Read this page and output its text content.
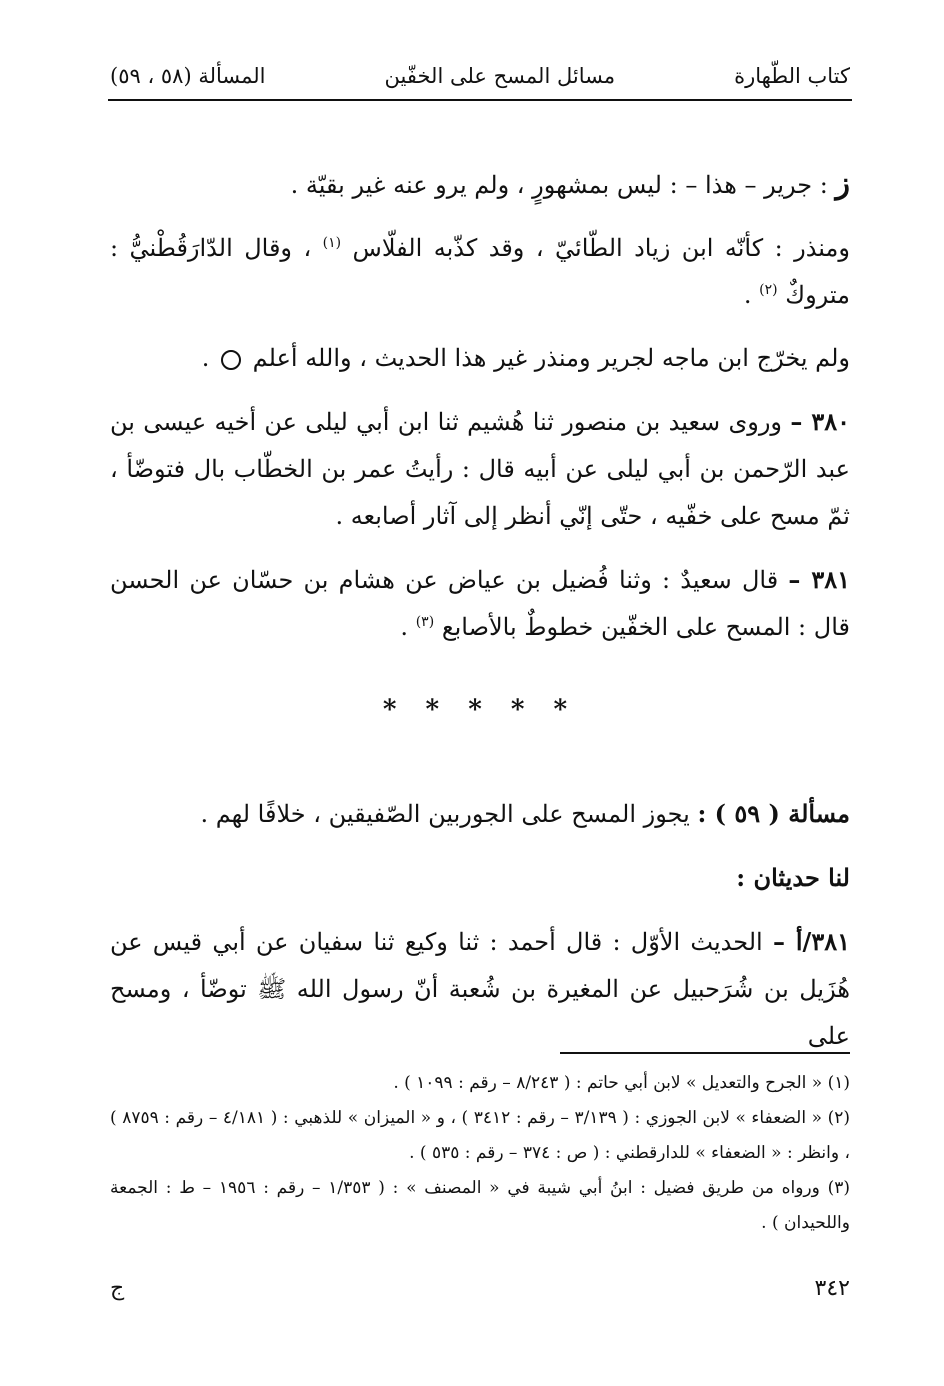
كتاب الطّهارة
مسائل المسح على الخفّين
المسألة (٥٨ ، ٥٩)

ز : جرير – هذا – : ليس بمشهورٍ ، ولم يرو عنه غير بقيّة .

ومنذر : كأنّه ابن زياد الطّائيّ ، وقد كذّبه الفلّاس $^{(١)}$ ، وقال الدّارَقُطْنيُّ : متروكٌ $^{(٢)}$ .

ولم يخرّج ابن ماجه لجرير ومنذر غير هذا الحديث ، والله أعلم  .

٣٨٠ – وروى سعيد بن منصور ثنا هُشيم ثنا ابن أبي ليلى عن أخيه عيسى بن عبد الرّحمن بن أبي ليلى عن أبيه قال : رأيتُ عمر بن الخطّاب بال فتوضّأ ، ثمّ مسح على خفّيه ، حتّى إنّي أنظر إلى آثار أصابعه .

٣٨١ – قال سعيدٌ : وثنا فُضيل بن عياض عن هشام بن حسّان عن الحسن قال : المسح على الخفّين خطوطٌ بالأصابع $^{(٣)}$ .

* * * * *

مسألة ( ٥٩ ) : يجوز المسح على الجوربين الصّفيقين ، خلافًا لهم .

لنا حديثان :

٣٨١/أ – الحديث الأوّل : قال أحمد : ثنا وكيع ثنا سفيان عن أبي قيس عن هُزَيل بن شُرَحبيل عن المغيرة بن شُعبة أنّ رسول الله ﷺ توضّأ ، ومسح على

(١) « الجرح والتعديل » لابن أبي حاتم : ( ٨/٢٤٣ – رقم : ١٠٩٩ ) .

(٢) « الضعفاء » لابن الجوزي : ( ٣/١٣٩ – رقم : ٣٤١٢ ) ، و « الميزان » للذهبي : ( ٤/١٨١ – رقم : ٨٧٥٩ ) ، وانظر : « الضعفاء » للدارقطني : ( ص : ٣٧٤ – رقم : ٥٣٥ ) .

(٣) ورواه من طريق فضيل : ابنُ أبي شيبة في « المصنف » : ( ١/٣٥٣ – رقم : ١٩٥٦ – ط : الجمعة واللحيدان ) .

٣٤٢
ج
